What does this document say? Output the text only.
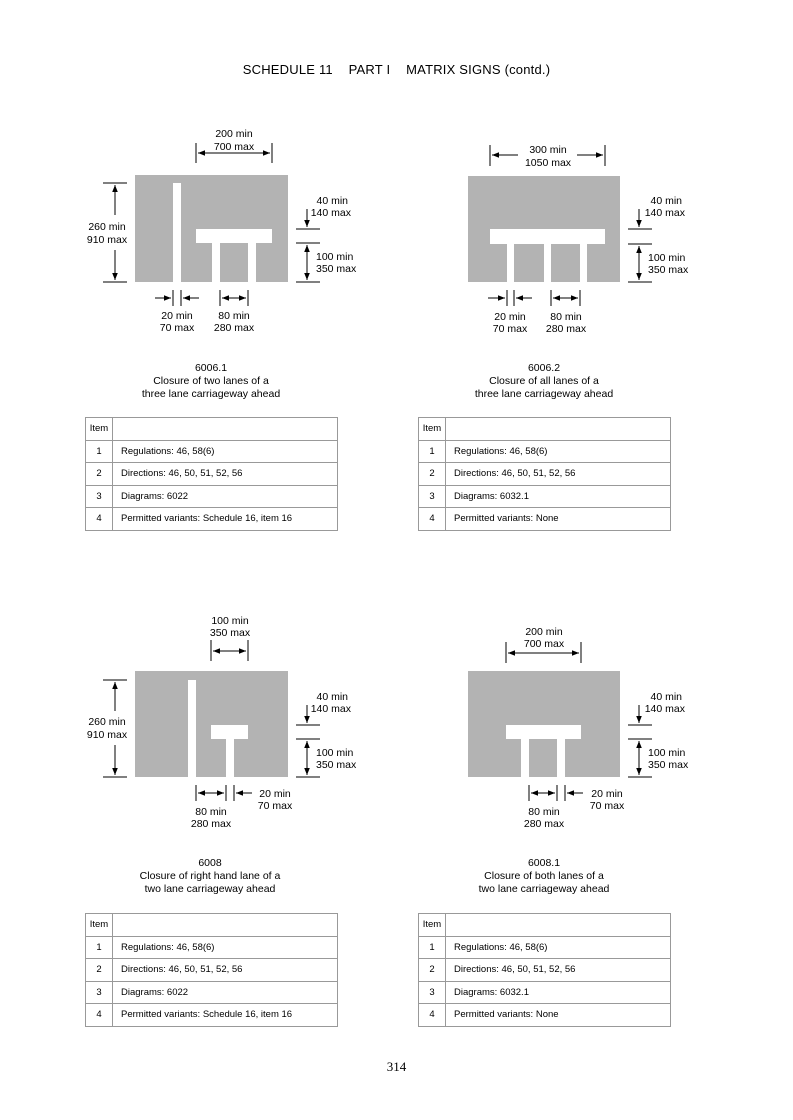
SCHEDULE 11 PART I MATRIX SIGNS (contd.)
200 min
700 max
260 min
910 max
40 min
140 max
100 min
350 max
20 min
70 max
80 min
280 max
300 min
1050 max
40 min
140 max
100 min
350 max
20 min
70 max
80 min
280 max
100 min
350 max
260 min
910 max
40 min
140 max
100 min
350 max
80 min
280 max
20 min
70 max
200 min
700 max
40 min
140 max
100 min
350 max
80 min
280 max
20 min
70 max
6006.1
Closure of two lanes of a
three lane carriageway ahead
6006.2
Closure of all lanes of a
three lane carriageway ahead
6008
Closure of right hand lane of a
two lane carriageway ahead
6008.1
Closure of both lanes of a
two lane carriageway ahead
Item	
1	Regulations: 46, 58(6)
2	Directions: 46, 50, 51, 52, 56
3	Diagrams: 6022
4	Permitted variants: Schedule 16, item 16
Item	
1	Regulations: 46, 58(6)
2	Directions: 46, 50, 51, 52, 56
3	Diagrams: 6032.1
4	Permitted variants: None
Item	
1	Regulations: 46, 58(6)
2	Directions: 46, 50, 51, 52, 56
3	Diagrams: 6022
4	Permitted variants: Schedule 16, item 16
Item	
1	Regulations: 46, 58(6)
2	Directions: 46, 50, 51, 52, 56
3	Diagrams: 6032.1
4	Permitted variants: None
314
